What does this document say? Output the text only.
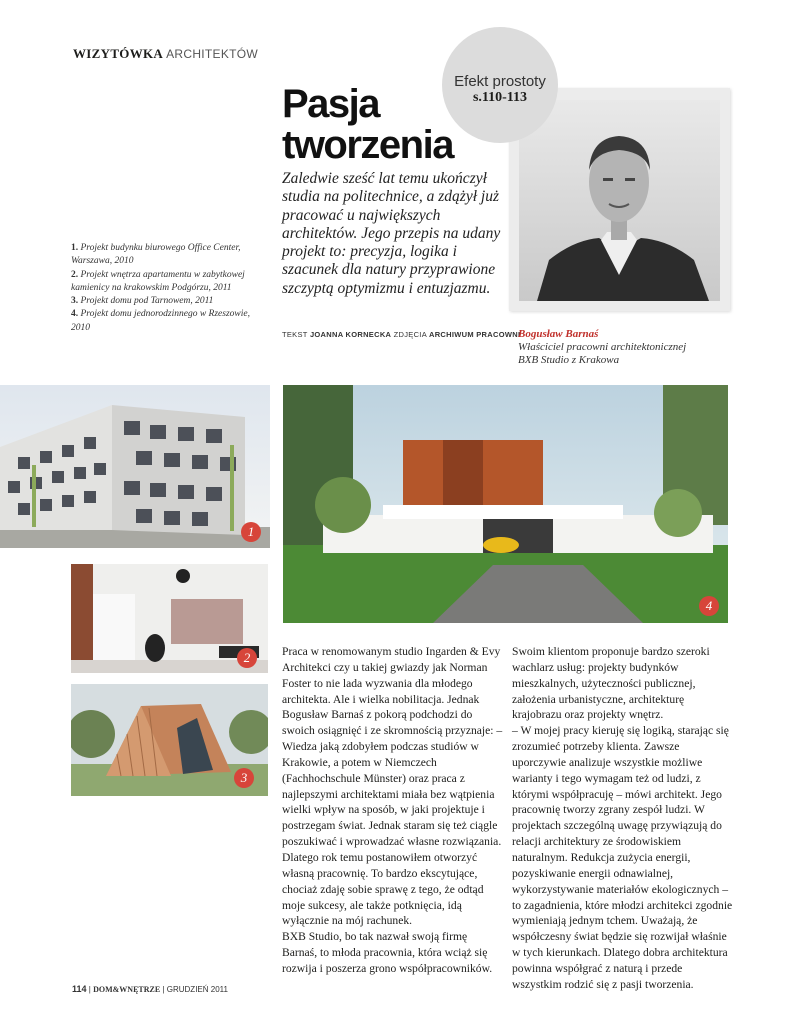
WIZYTÓWKA ARCHITEKTÓW
Efekt prostoty
s.110-113
Pasja
tworzenia
Zaledwie sześć lat temu ukończył studia na politechnice, a zdążył już pracować u największych architektów. Jego przepis na udany projekt to: precyzja, logika i szacunek dla natury przyprawione szczyptą optymizmu i entuzjazmu.
TEKST JOANNA KORNECKA ZDJĘCIA ARCHIWUM PRACOWNI
Bogusław Barnaś
Właściciel pracowni architektonicznej
BXB Studio z Krakowa

1. Projekt budynku biurowego Office Center, Warszawa, 2010

2. Projekt wnętrza apartamentu w zabytkowej kamienicy na krakowskim Podgórzu, 2011

3. Projekt domu pod Tarnowem, 2011

4. Projekt domu jednorodzinnego w Rzeszowie, 2010

1
4
2
3

Praca w renomowanym studio Ingarden & Evy Architekci czy u takiej gwiazdy jak Norman Foster to nie lada wyzwania dla młodego architekta. Ale i wielka nobilitacja. Jednak Bogusław Barnaś z pokorą podchodzi do swoich osiągnięć i ze skromnością przyznaje: – Wiedza jaką zdobyłem podczas studiów w Krakowie, a potem w Niemczech (Fachhochschule Münster) oraz praca z najlepszymi architektami miała bez wątpienia wielki wpływ na sposób, w jaki projektuje i postrzegam świat. Jednak staram się też ciągle poszukiwać i wprowadzać własne rozwiązania. Dlatego rok temu postanowiłem otworzyć własną pracownię. To bardzo ekscytujące, chociaż zdaję sobie sprawę z tego, że odtąd moje sukcesy, ale także potknięcia, idą wyłącznie na mój rachunek.

BXB Studio, bo tak nazwał swoją firmę Barnaś, to młoda pracownia, która wciąż się rozwija i poszerza grono współpracowników.

Swoim klientom proponuje bardzo szeroki wachlarz usług: projekty budynków mieszkalnych, użyteczności publicznej, założenia urbanistyczne, architekturę krajobrazu oraz projekty wnętrz.

– W mojej pracy kieruję się logiką, starając się zrozumieć potrzeby klienta. Zawsze uporczywie analizuje wszystkie możliwe warianty i tego wymagam też od ludzi, z którymi współpracuję – mówi architekt. Jego pracownię tworzy zgrany zespół ludzi. W projektach szczególną uwagę przywiązują do relacji architektury ze środowiskiem naturalnym. Redukcja zużycia energii, pozyskiwanie energii odnawialnej, wykorzystywanie materiałów ekologicznych – to zagadnienia, które młodzi architekci zgodnie wymieniają jednym tchem. Uważają, że współczesny świat będzie się rozwijał właśnie w tych kierunkach. Dlatego dobra architektura powinna współgrać z naturą i przede wszystkim rodzić się z pasji tworzenia.

114 | DOM&WNĘTRZE | GRUDZIEŃ 2011
